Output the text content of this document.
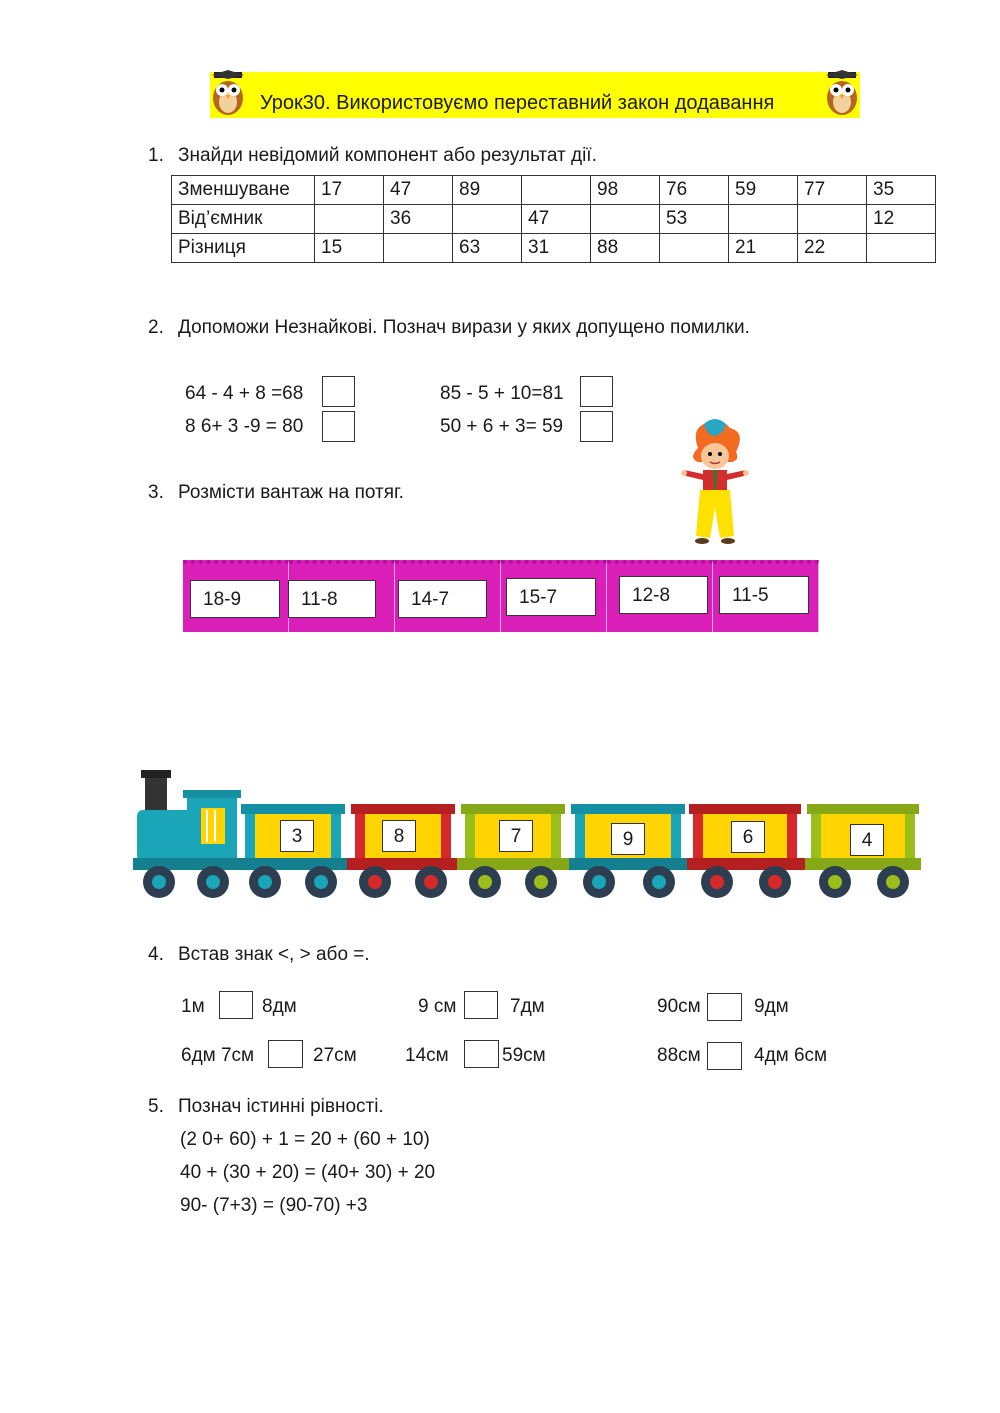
Урок30. Використовуємо переставний закон додавання
1. Знайди невідомий компонент або результат дії.
Зменшуване	17	47	89		98	76	59	77	35
Від’ємник		36		47		53			12
Різниця	15		63	31	88		21	22	
2. Допоможи Незнайкові. Познач вирази у яких допущено помилки.
64 - 4 + 8 =68
8 6+ 3 -9 = 80
85 - 5 + 10=81
50 + 6 + 3= 59
3. Розмісти вантаж на потяг.
18-9	11-8	14-7	15-7	12-8	11-5
3	8	7	9	6	4
4. Встав знак <, > або =.
1м	8дм	9 см	7дм	90см	9дм
6дм 7см	27см	14см	59см	88см	4дм 6см
5. Познач істинні рівності.
(2 0+ 60) + 1 = 20 + (60 + 10)
40 + (30 + 20) = (40+ 30) + 20
90- (7+3) = (90-70) +3
